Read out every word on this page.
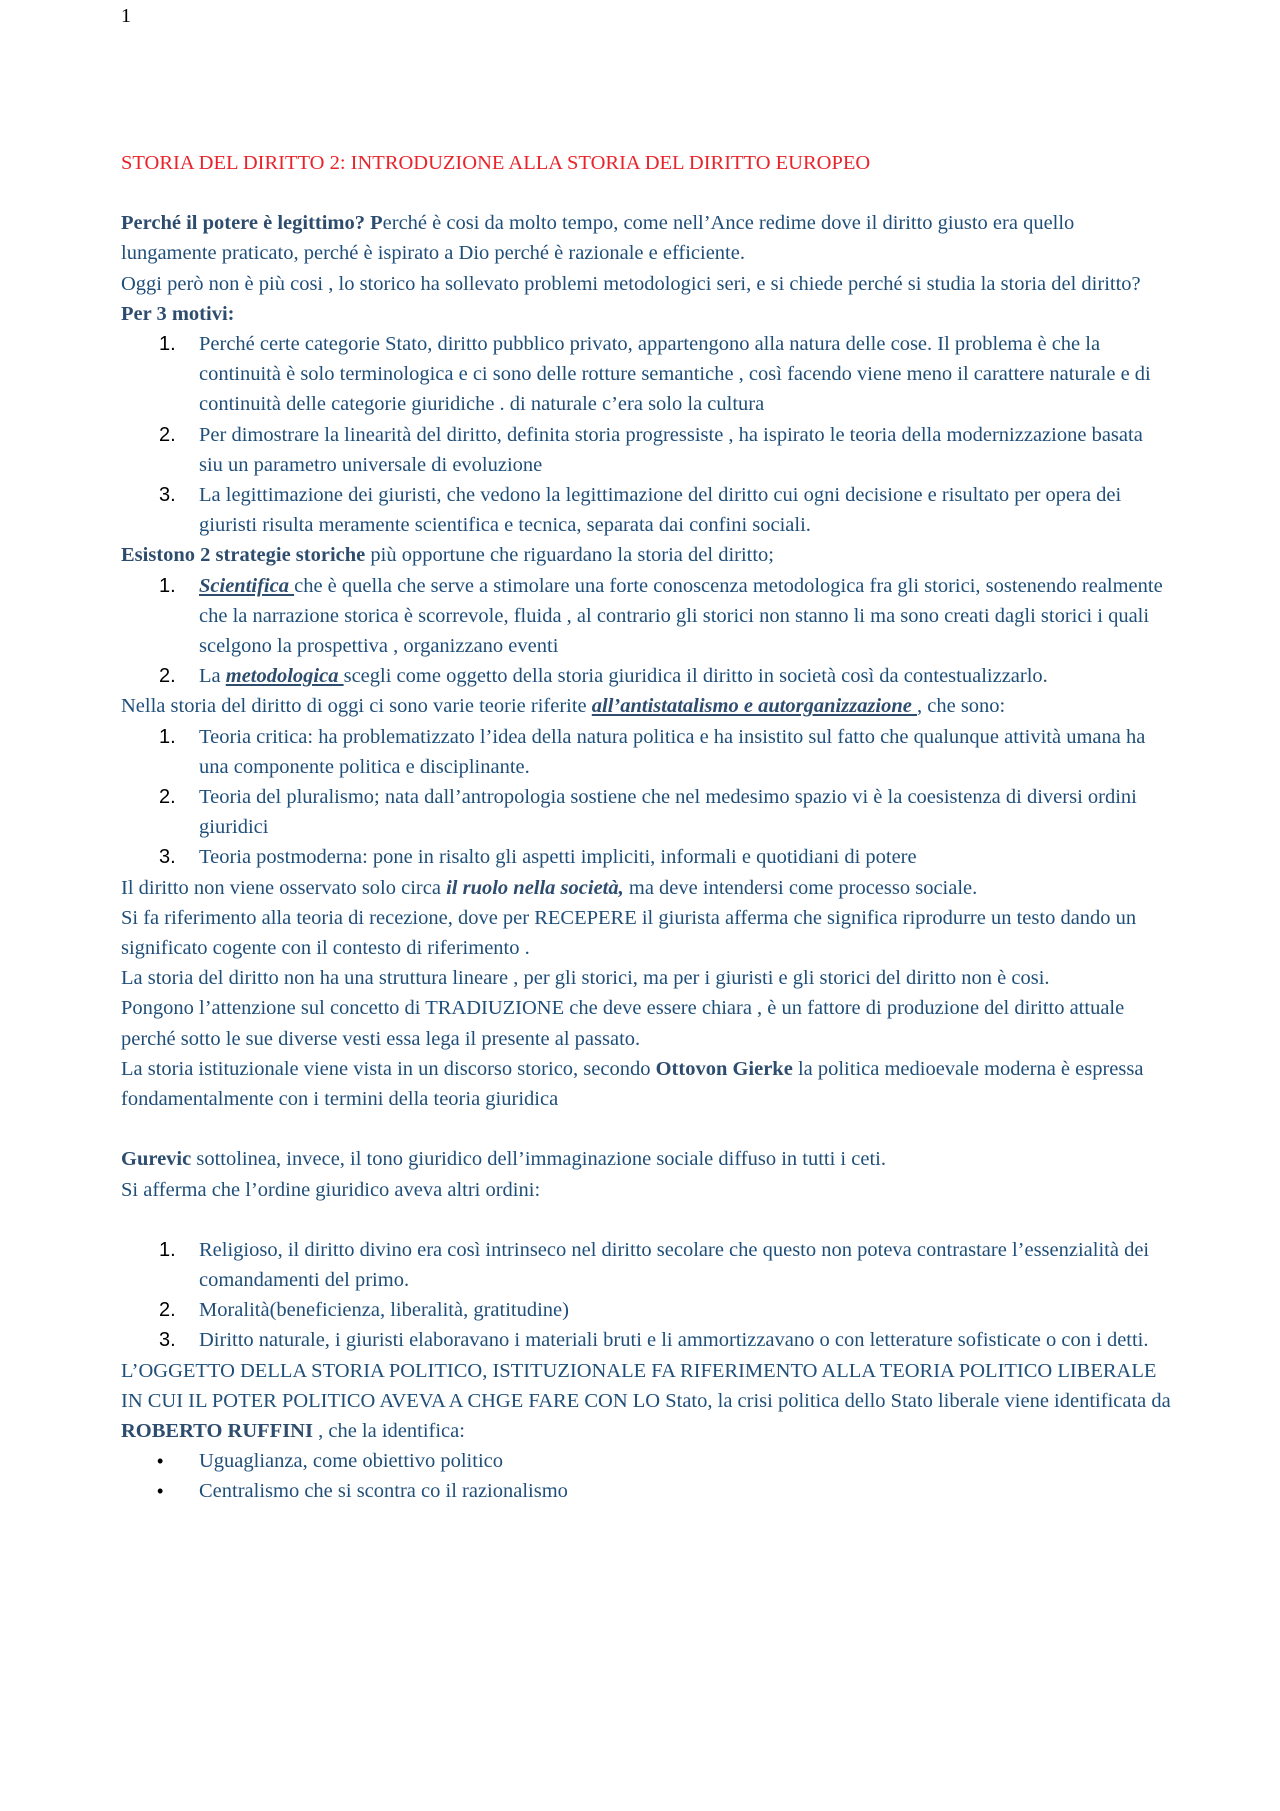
1

STORIA DEL DIRITTO 2: INTRODUZIONE ALLA STORIA DEL DIRITTO EUROPEO

Perché il potere è legittimo? Perché è cosi da molto tempo, come nell’Ance redime dove il diritto giusto era quello lungamente praticato, perché è ispirato a Dio perché è razionale e efficiente.

Oggi però non è più cosi , lo storico ha sollevato problemi metodologici seri, e si chiede perché si studia la storia del diritto?

Per 3 motivi:

1.	Perché certe categorie Stato, diritto pubblico privato, appartengono alla natura delle cose. Il problema è che la continuità è solo terminologica e ci sono delle rotture semantiche , così facendo viene meno il carattere naturale e di continuità delle categorie giuridiche . di naturale c’era solo la cultura
2.	Per dimostrare la linearità del diritto, definita storia progressiste , ha ispirato le teoria della modernizzazione basata siu un parametro universale di evoluzione
3.	La legittimazione dei giuristi, che vedono la legittimazione del diritto cui ogni decisione e risultato per opera dei giuristi risulta meramente scientifica e tecnica, separata dai confini sociali.

Esistono 2 strategie storiche più opportune che riguardano la storia del diritto;

1.	Scientifica che è quella che serve a stimolare una forte conoscenza metodologica fra gli storici, sostenendo realmente che la narrazione storica è scorrevole, fluida , al contrario gli storici non stanno li ma sono creati dagli storici i quali scelgono la prospettiva , organizzano eventi
2.	La metodologica scegli come oggetto della storia giuridica il diritto in società così da contestualizzarlo.

Nella storia del diritto di oggi ci sono varie teorie riferite all’antistatalismo e autorganizzazione , che sono:

1.	Teoria critica: ha problematizzato l’idea della natura politica e ha insistito sul fatto che qualunque attività umana ha una componente politica e disciplinante.
2.	Teoria del pluralismo; nata dall’antropologia sostiene che nel medesimo spazio vi è la coesistenza di diversi ordini giuridici
3.	Teoria postmoderna: pone in risalto gli aspetti impliciti, informali e quotidiani di potere

Il diritto non viene osservato solo circa il ruolo nella società, ma deve intendersi come processo sociale.

Si fa riferimento alla teoria di recezione, dove per RECEPERE il giurista afferma che significa riprodurre un testo dando un significato cogente con il contesto di riferimento .

La storia del diritto non ha una struttura lineare , per gli storici, ma per i giuristi e gli storici del diritto non è cosi.

Pongono l’attenzione sul concetto di TRADIUZIONE che deve essere chiara , è un fattore di produzione del diritto attuale perché sotto le sue diverse vesti essa lega il presente al passato.

La storia istituzionale viene vista in un discorso storico, secondo Ottovon Gierke la politica medioevale moderna è espressa fondamentalmente con i termini della teoria giuridica

Gurevic sottolinea, invece, il tono giuridico dell’immaginazione sociale diffuso in tutti i ceti.

Si afferma che l’ordine giuridico aveva altri ordini:

1.	Religioso, il diritto divino era così intrinseco nel diritto secolare che questo non poteva contrastare l’essenzialità dei comandamenti del primo.
2.	Moralità(beneficienza, liberalità, gratitudine)
3.	Diritto naturale, i giuristi elaboravano i materiali bruti e li ammortizzavano o con letterature sofisticate o con i detti.

L’OGGETTO DELLA STORIA POLITICO, ISTITUZIONALE FA RIFERIMENTO ALLA TEORIA POLITICO LIBERALE IN CUI IL POTER POLITICO AVEVA A CHGE FARE CON LO Stato, la crisi politica dello Stato liberale viene identificata da ROBERTO RUFFINI , che la identifica:

•	Uguaglianza, come obiettivo politico
•	Centralismo che si scontra co il razionalismo
